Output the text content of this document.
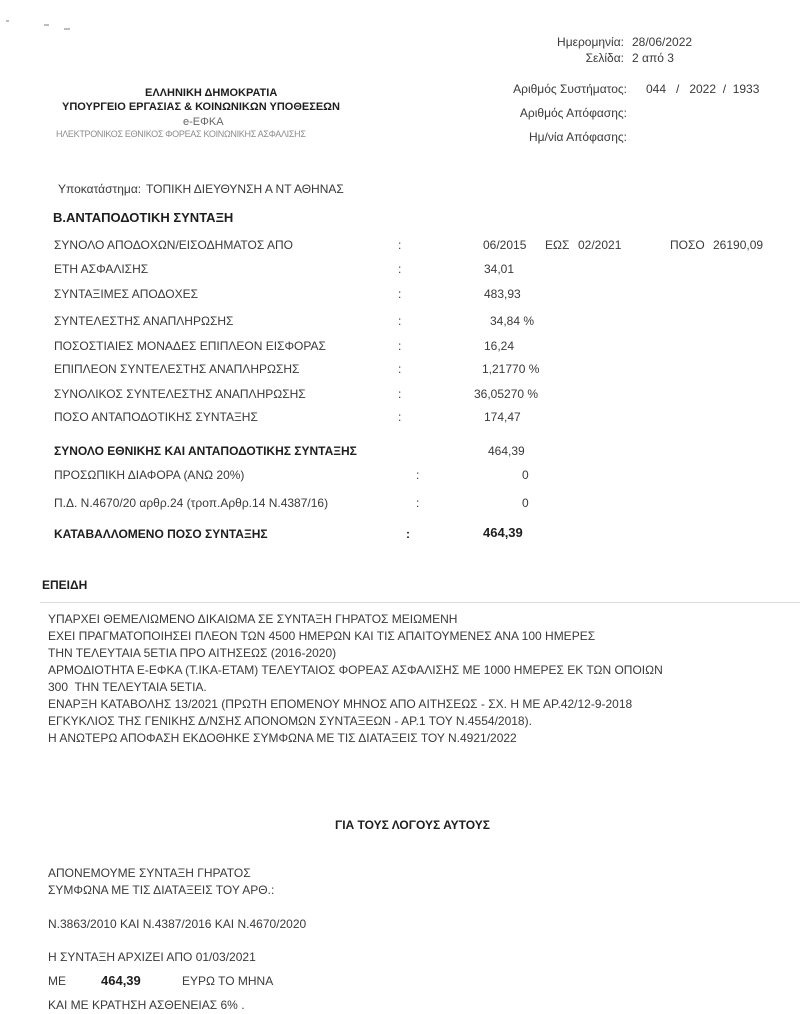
Ημερομηνία: 28/06/2022
Σελίδα: 2 από 3
ΕΛΛΗΝΙΚΗ ΔΗΜΟΚΡΑΤΙΑ
ΥΠΟΥΡΓΕΙΟ ΕΡΓΑΣΙΑΣ & ΚΟΙΝΩΝΙΚΩΝ ΥΠΟΘΕΣΕΩΝ
e-ΕΦΚΑ
ΗΛΕΚΤΡΟΝΙΚΟΣ ΕΘΝΙΚΟΣ ΦΟΡΕΑΣ ΚΟΙΝΩΝΙΚΗΣ ΑΣΦΑΛΙΣΗΣ
Αριθμός Συστήματος: 044 /   2022  /  1933
Αριθμός Απόφασης:
Ημ/νία Απόφασης:
Υποκατάστημα: ΤΟΠΙΚΗ ΔΙΕΥΘΥΝΣΗ Α ΝΤ ΑΘΗΝΑΣ
Β.ΑΝΤΑΠΟΔΟΤΙΚΗ ΣΥΝΤΑΞΗ
ΣΥΝΟΛΟ ΑΠΟΔΟΧΩΝ/ΕΙΣΟΔΗΜΑΤΟΣ ΑΠΟ	:	06/2015 ΕΩΣ 02/2021	ΠΟΣΟ 26190,09
ΕΤΗ ΑΣΦΑΛΙΣΗΣ	:	34,01
ΣΥΝΤΑΞΙΜΕΣ ΑΠΟΔΟΧΕΣ	:	483,93
ΣΥΝΤΕΛΕΣΤΗΣ ΑΝΑΠΛΗΡΩΣΗΣ	:	34,84 %
ΠΟΣΟΣΤΙΑΙΕΣ ΜΟΝΑΔΕΣ ΕΠΙΠΛΕΟΝ ΕΙΣΦΟΡΑΣ	:	16,24
ΕΠΙΠΛΕΟΝ ΣΥΝΤΕΛΕΣΤΗΣ ΑΝΑΠΛΗΡΩΣΗΣ	:	1,21770 %
ΣΥΝΟΛΙΚΟΣ ΣΥΝΤΕΛΕΣΤΗΣ ΑΝΑΠΛΗΡΩΣΗΣ	:	36,05270 %
ΠΟΣΟ ΑΝΤΑΠΟΔΟΤΙΚΗΣ ΣΥΝΤΑΞΗΣ	:	174,47
ΣΥΝΟΛΟ ΕΘΝΙΚΗΣ ΚΑΙ ΑΝΤΑΠΟΔΟΤΙΚΗΣ ΣΥΝΤΑΞΗΣ	464,39
ΠΡΟΣΩΠΙΚΗ ΔΙΑΦΟΡΑ (ΑΝΩ 20%)	:	0
Π.Δ. Ν.4670/20 αρθρ.24 (τροπ.Αρθρ.14 Ν.4387/16)	:	0
ΚΑΤΑΒΑΛΛΟΜΕΝΟ ΠΟΣΟ ΣΥΝΤΑΞΗΣ	:	464,39
ΕΠΕΙΔΗ
ΥΠΑΡΧΕΙ ΘΕΜΕΛΙΩΜΕΝΟ ΔΙΚΑΙΩΜΑ ΣΕ ΣΥΝΤΑΞΗ ΓΗΡΑΤΟΣ ΜΕΙΩΜΕΝΗ
ΕΧΕΙ ΠΡΑΓΜΑΤΟΠΟΙΗΣΕΙ ΠΛΕΟΝ ΤΩΝ 4500 ΗΜΕΡΩΝ ΚΑΙ ΤΙΣ ΑΠΑΙΤΟΥΜΕΝΕΣ ΑΝΑ 100 ΗΜΕΡΕΣ
ΤΗΝ ΤΕΛΕΥΤΑΙΑ 5ΕΤΙΑ ΠΡΟ ΑΙΤΗΣΕΩΣ (2016-2020)
ΑΡΜΟΔΙΟΤΗΤΑ Ε-ΕΦΚΑ (Τ.ΙΚΑ-ΕΤΑΜ) ΤΕΛΕΥΤΑΙΟΣ ΦΟΡΕΑΣ ΑΣΦΑΛΙΣΗΣ ΜΕ 1000 ΗΜΕΡΕΣ ΕΚ ΤΩΝ ΟΠΟΙΩΝ
300  ΤΗΝ ΤΕΛΕΥΤΑΙΑ 5ΕΤΙΑ.
ΕΝΑΡΞΗ ΚΑΤΑΒΟΛΗΣ 13/2021 (ΠΡΩΤΗ ΕΠΟΜΕΝΟΥ ΜΗΝΟΣ ΑΠΟ ΑΙΤΗΣΕΩΣ - ΣΧ. Η ΜΕ ΑΡ.42/12-9-2018
ΕΓΚΥΚΛΙΟΣ ΤΗΣ ΓΕΝΙΚΗΣ Δ/ΝΣΗΣ ΑΠΟΝΟΜΩΝ ΣΥΝΤΑΞΕΩΝ - ΑΡ.1 ΤΟΥ Ν.4554/2018).
Η ΑΝΩΤΕΡΩ ΑΠΟΦΑΣΗ ΕΚΔΟΘΗΚΕ ΣΥΜΦΩΝΑ ΜΕ ΤΙΣ ΔΙΑΤΑΞΕΙΣ ΤΟΥ Ν.4921/2022
ΓΙΑ ΤΟΥΣ ΛΟΓΟΥΣ ΑΥΤΟΥΣ
ΑΠΟΝΕΜΟΥΜΕ ΣΥΝΤΑΞΗ ΓΗΡΑΤΟΣ
ΣΥΜΦΩΝΑ ΜΕ ΤΙΣ ΔΙΑΤΑΞΕΙΣ ΤΟΥ ΑΡΘ.:
Ν.3863/2010 ΚΑΙ Ν.4387/2016 ΚΑΙ Ν.4670/2020
Η ΣΥΝΤΑΞΗ ΑΡΧΙΖΕΙ ΑΠΟ 01/03/2021
ΜΕ	464,39	ΕΥΡΩ ΤΟ ΜΗΝΑ
ΚΑΙ ΜΕ ΚΡΑΤΗΣΗ ΑΣΘΕΝΕΙΑΣ 6% .
